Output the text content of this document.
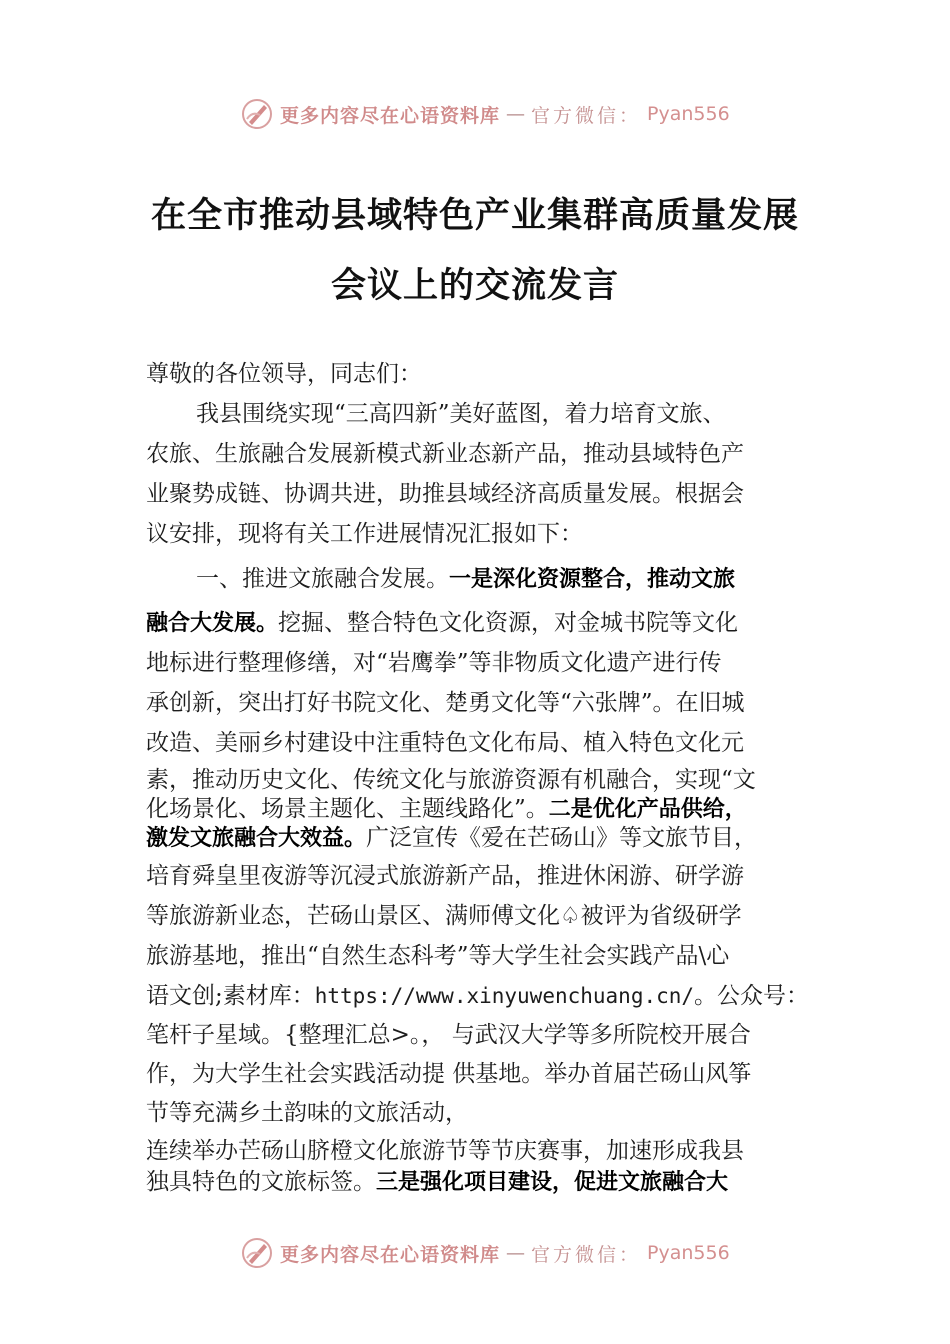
更多内容尽在心语资料库 — 官方微信： Pyan556
在全市推动县域特色产业集群高质量发展
会议上的交流发言

尊敬的各位领导，同志们：

我县围绕实现“三高四新”美好蓝图，着力培育文旅、

农旅、生旅融合发展新模式新业态新产品，推动县域特色产

业聚势成链、协调共进，助推县域经济高质量发展。根据会

议安排，现将有关工作进展情况汇报如下：

一、推进文旅融合发展。一是深化资源整合，推动文旅

融合大发展。挖掘、整合特色文化资源，对金城书院等文化

地标进行整理修缮，对“岩鹰拳”等非物质文化遗产进行传

承创新，突出打好书院文化、楚勇文化等“六张牌”。在旧城

改造、美丽乡村建设中注重特色文化布局、植入特色文化元

素，推动历史文化、传统文化与旅游资源有机融合，实现“文

化场景化、场景主题化、主题线路化”。二是优化产品供给，

激发文旅融合大效益。广泛宣传《爱在芒砀山》等文旅节目，

培育舜皇里夜游等沉浸式旅游新产品，推进休闲游、研学游

等旅游新业态，芒砀山景区、满师傅文化♤被评为省级研学

旅游基地，推出“自然生态科考”等大学生社会实践产品\心

语文创;素材库：https://www.xinyuwenchuang.cn/。公众号：

笔杆子星域。{整理汇总>。， 与武汉大学等多所院校开展合

作，为大学生社会实践活动提 供基地。举办首届芒砀山风筝

节等充满乡土韵味的文旅活动，

连续举办芒砀山脐橙文化旅游节等节庆赛事，加速形成我县

独具特色的文旅标签。三是强化项目建设，促进文旅融合大

更多内容尽在心语资料库 — 官方微信： Pyan556
